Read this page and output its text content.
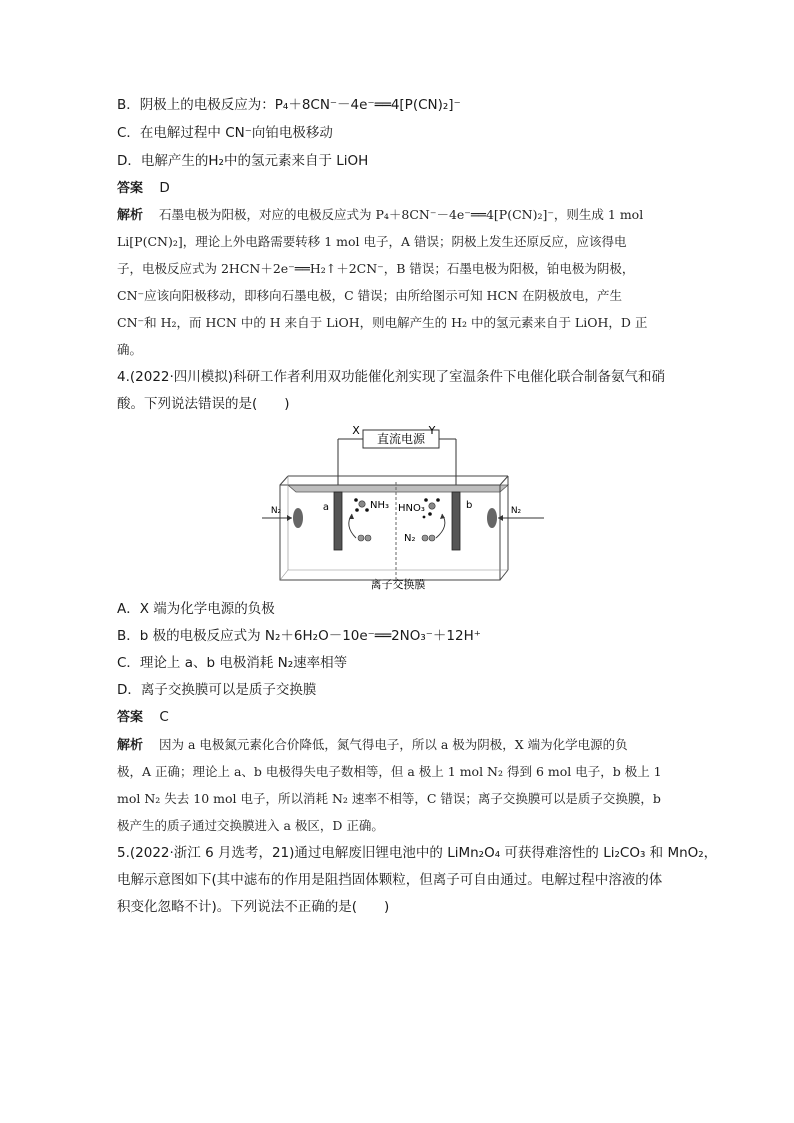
B．阴极上的电极反应为：P₄＋8CN⁻－4e⁻══4[P(CN)₂]⁻
C．在电解过程中 CN⁻向铂电极移动
D．电解产生的H₂中的氢元素来自于 LiOH
答案 D
解析 石墨电极为阳极，对应的电极反应式为 P₄＋8CN⁻－4e⁻══4[P(CN)₂]⁻，则生成 1 mol
Li[P(CN)₂]，理论上外电路需要转移 1 mol 电子，A 错误；阴极上发生还原反应，应该得电
子，电极反应式为 2HCN＋2e⁻══H₂↑＋2CN⁻，B 错误；石墨电极为阳极，铂电极为阴极，
CN⁻应该向阳极移动，即移向石墨电极，C 错误；由所给图示可知 HCN 在阴极放电，产生
CN⁻和 H₂，而 HCN 中的 H 来自于 LiOH，则电解产生的 H₂ 中的氢元素来自于 LiOH，D 正
确。
4.(2022·四川模拟)科研工作者利用双功能催化剂实现了室温条件下电催化联合制备氨气和硝
酸。下列说法错误的是(　　)
直流电源
X	Y
a	b
N₂	N₂
NH₃ HNO₃
N₂
离子交换膜
A．X 端为化学电源的负极
B．b 极的电极反应式为 N₂＋6H₂O－10e⁻══2NO₃⁻＋12H⁺
C．理论上 a、b 电极消耗 N₂速率相等
D．离子交换膜可以是质子交换膜
答案 C
解析 因为 a 电极氮元素化合价降低，氮气得电子，所以 a 极为阴极，X 端为化学电源的负
极，A 正确；理论上 a、b 电极得失电子数相等，但 a 极上 1 mol N₂ 得到 6 mol 电子，b 极上 1
mol N₂ 失去 10 mol 电子，所以消耗 N₂ 速率不相等，C 错误；离子交换膜可以是质子交换膜，b
极产生的质子通过交换膜进入 a 极区，D 正确。
5.(2022·浙江 6 月选考，21)通过电解废旧锂电池中的 LiMn₂O₄ 可获得难溶性的 Li₂CO₃ 和 MnO₂，
电解示意图如下(其中滤布的作用是阻挡固体颗粒，但离子可自由通过。电解过程中溶液的体
积变化忽略不计)。下列说法不正确的是(　　)
